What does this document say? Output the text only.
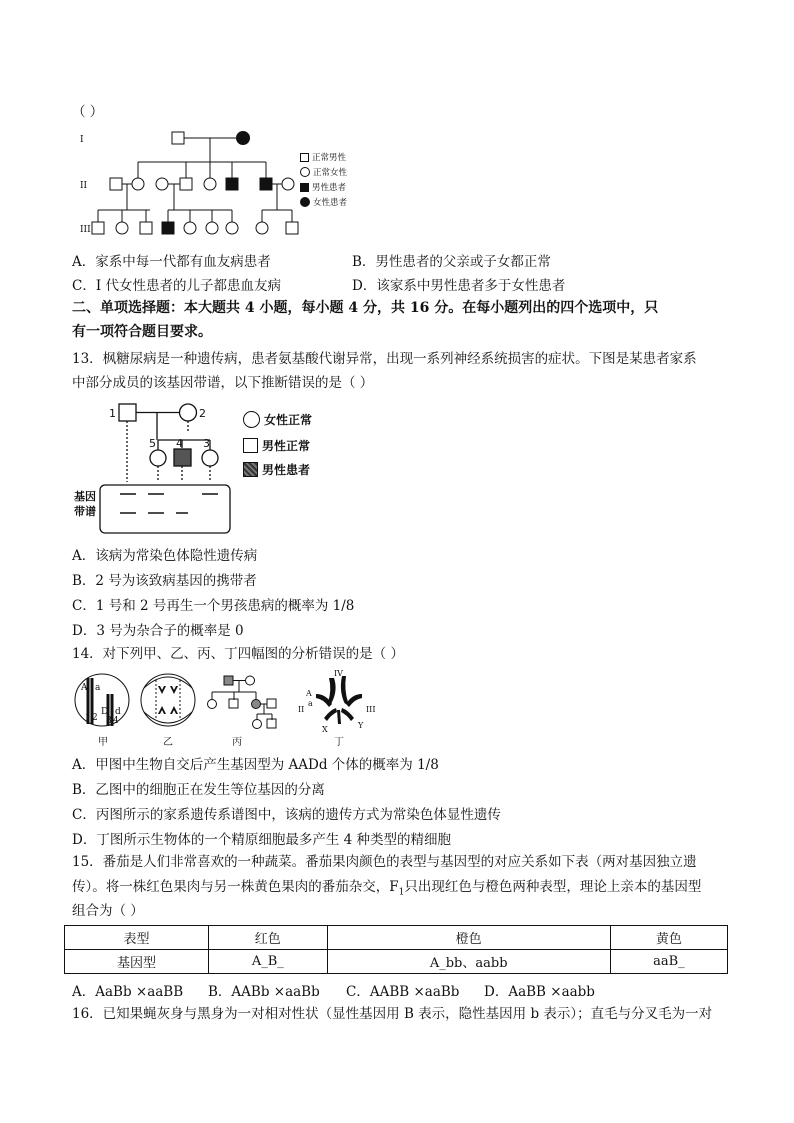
（ ）
I
II
III
正常男性
正常女性
男性患者
女性患者
A．家系中每一代都有血友病患者	B．男性患者的父亲或子女都正常
C．I 代女性患者的儿子都患血友病	D．该家系中男性患者多于女性患者
二、单项选择题：本大题共 4 小题，每小题 4 分，共 16 分。在每小题列出的四个选项中，只
有一项符合题目要求。
13．枫糖尿病是一种遗传病，患者氨基酸代谢异常，出现一系列神经系统损害的症状。下图是某患者家系
中部分成员的该基因带谱，以下推断错误的是（ ）
1	2
5 4 3
基因
带谱
女性正常
男性正常
男性患者
A．该病为常染色体隐性遗传病
B．2 号为该致病基因的携带者
C．1 号和 2 号再生一个男孩患病的概率为 1/8
D．3 号为杂合子的概率是 0
14．对下列甲、乙、丙、丁四幅图的分析错误的是（ ）
A a
1 2
D d
3 4
甲	乙	丙
A
a
II	III
IV
X	Y
丁
A．甲图中生物自交后产生基因型为 AADd 个体的概率为 1/8
B．乙图中的细胞正在发生等位基因的分离
C．丙图所示的家系遗传系谱图中，该病的遗传方式为常染色体显性遗传
D．丁图所示生物体的一个精原细胞最多产生 4 种类型的精细胞
15．番茄是人们非常喜欢的一种蔬菜。番茄果肉颜色的表型与基因型的对应关系如下表（两对基因独立遗
传）。将一株红色果肉与另一株黄色果肉的番茄杂交，$F_1$只出现红色与橙色两种表型，理论上亲本的基因型
组合为（ ）
表型	红色	橙色	黄色
基因型	A_B_	A_bb、aabb	aaB_
A．AaBb ×aaBB B．AABb ×aaBb C．AABB ×aaBb D．AaBB ×aabb
16．已知果蝇灰身与黑身为一对相对性状（显性基因用 B 表示，隐性基因用 b 表示）；直毛与分叉毛为一对
